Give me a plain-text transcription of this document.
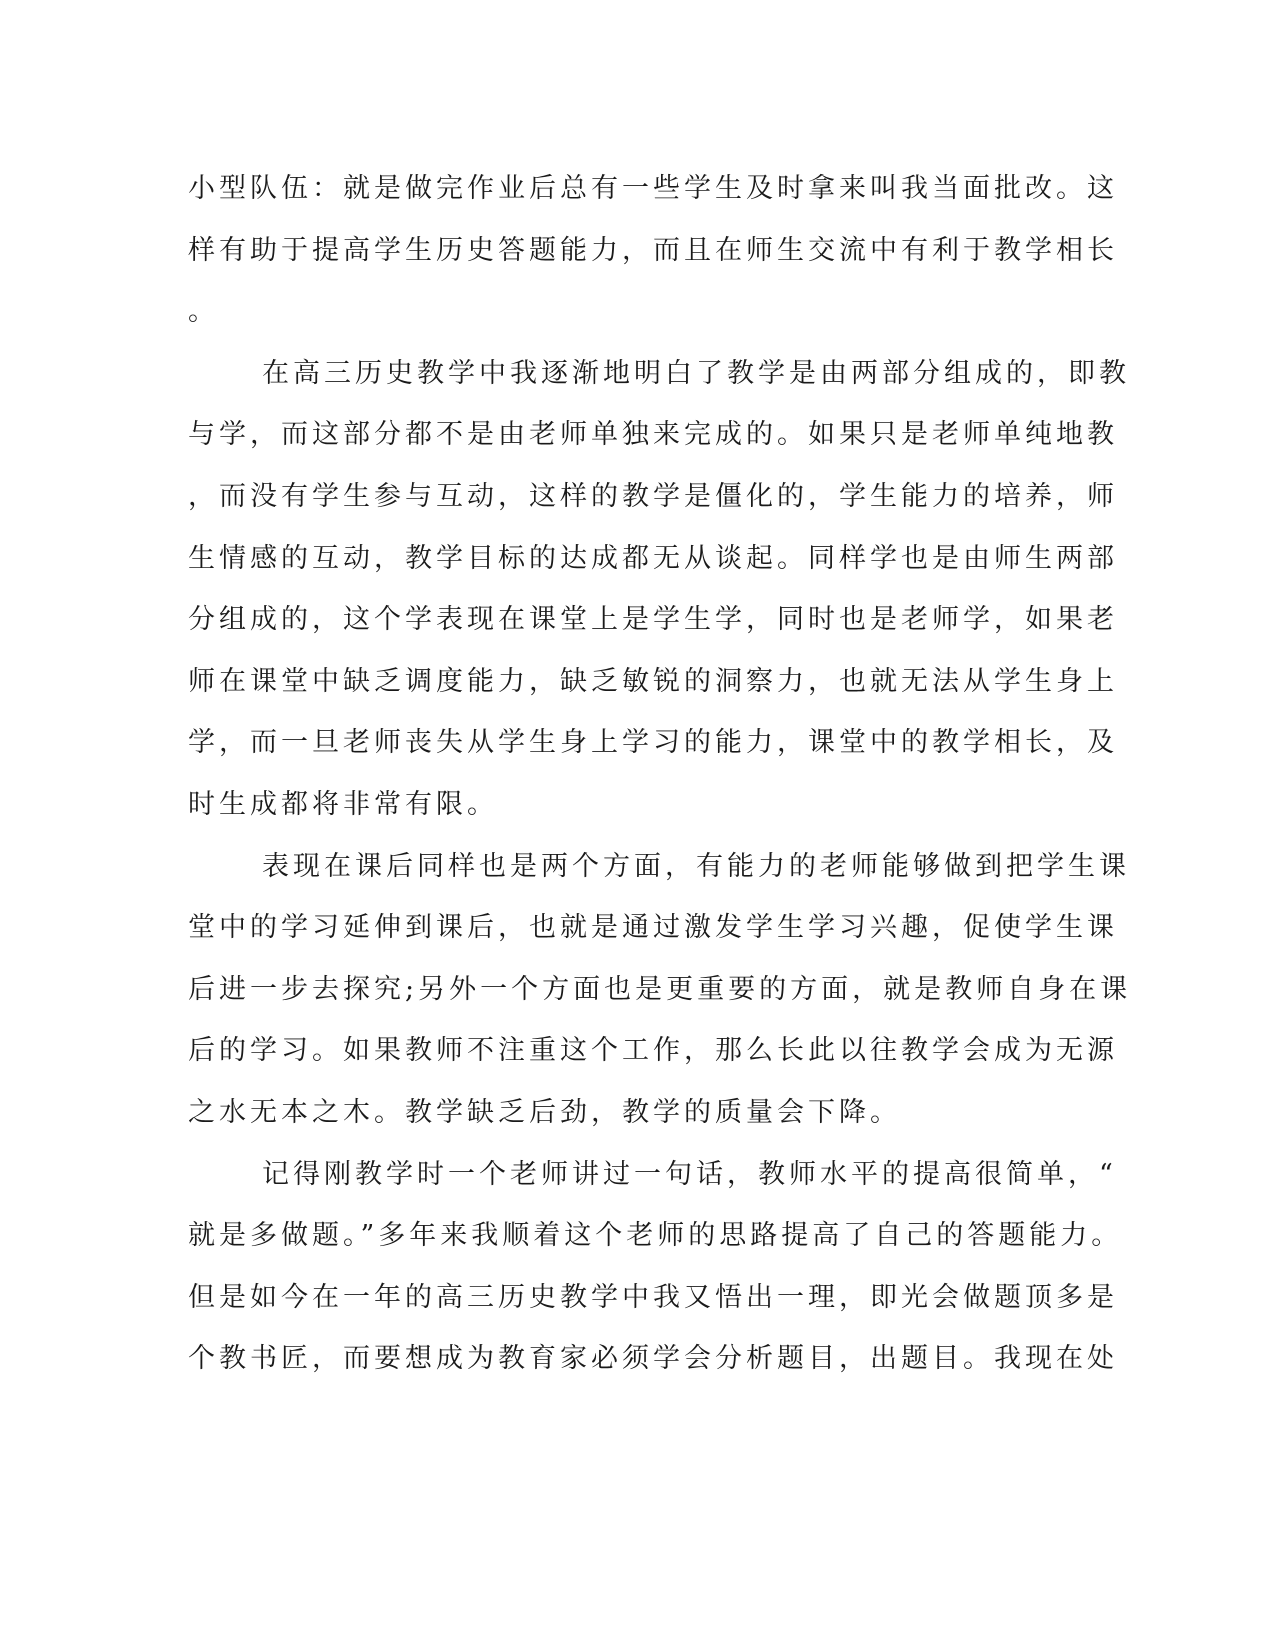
小型队伍：就是做完作业后总有一些学生及时拿来叫我当面批改。这
样有助于提高学生历史答题能力，而且在师生交流中有利于教学相长
。
在高三历史教学中我逐渐地明白了教学是由两部分组成的，即教
与学，而这部分都不是由老师单独来完成的。如果只是老师单纯地教
，而没有学生参与互动，这样的教学是僵化的，学生能力的培养，师
生情感的互动，教学目标的达成都无从谈起。同样学也是由师生两部
分组成的，这个学表现在课堂上是学生学，同时也是老师学，如果老
师在课堂中缺乏调度能力，缺乏敏锐的洞察力，也就无法从学生身上
学，而一旦老师丧失从学生身上学习的能力，课堂中的教学相长，及
时生成都将非常有限。
表现在课后同样也是两个方面，有能力的老师能够做到把学生课
堂中的学习延伸到课后，也就是通过激发学生学习兴趣，促使学生课
后进一步去探究;另外一个方面也是更重要的方面，就是教师自身在课
后的学习。如果教师不注重这个工作，那么长此以往教学会成为无源
之水无本之木。教学缺乏后劲，教学的质量会下降。
记得刚教学时一个老师讲过一句话，教师水平的提高很简单，“
就是多做题。”多年来我顺着这个老师的思路提高了自己的答题能力。
但是如今在一年的高三历史教学中我又悟出一理，即光会做题顶多是
个教书匠，而要想成为教育家必须学会分析题目，出题目。我现在处
